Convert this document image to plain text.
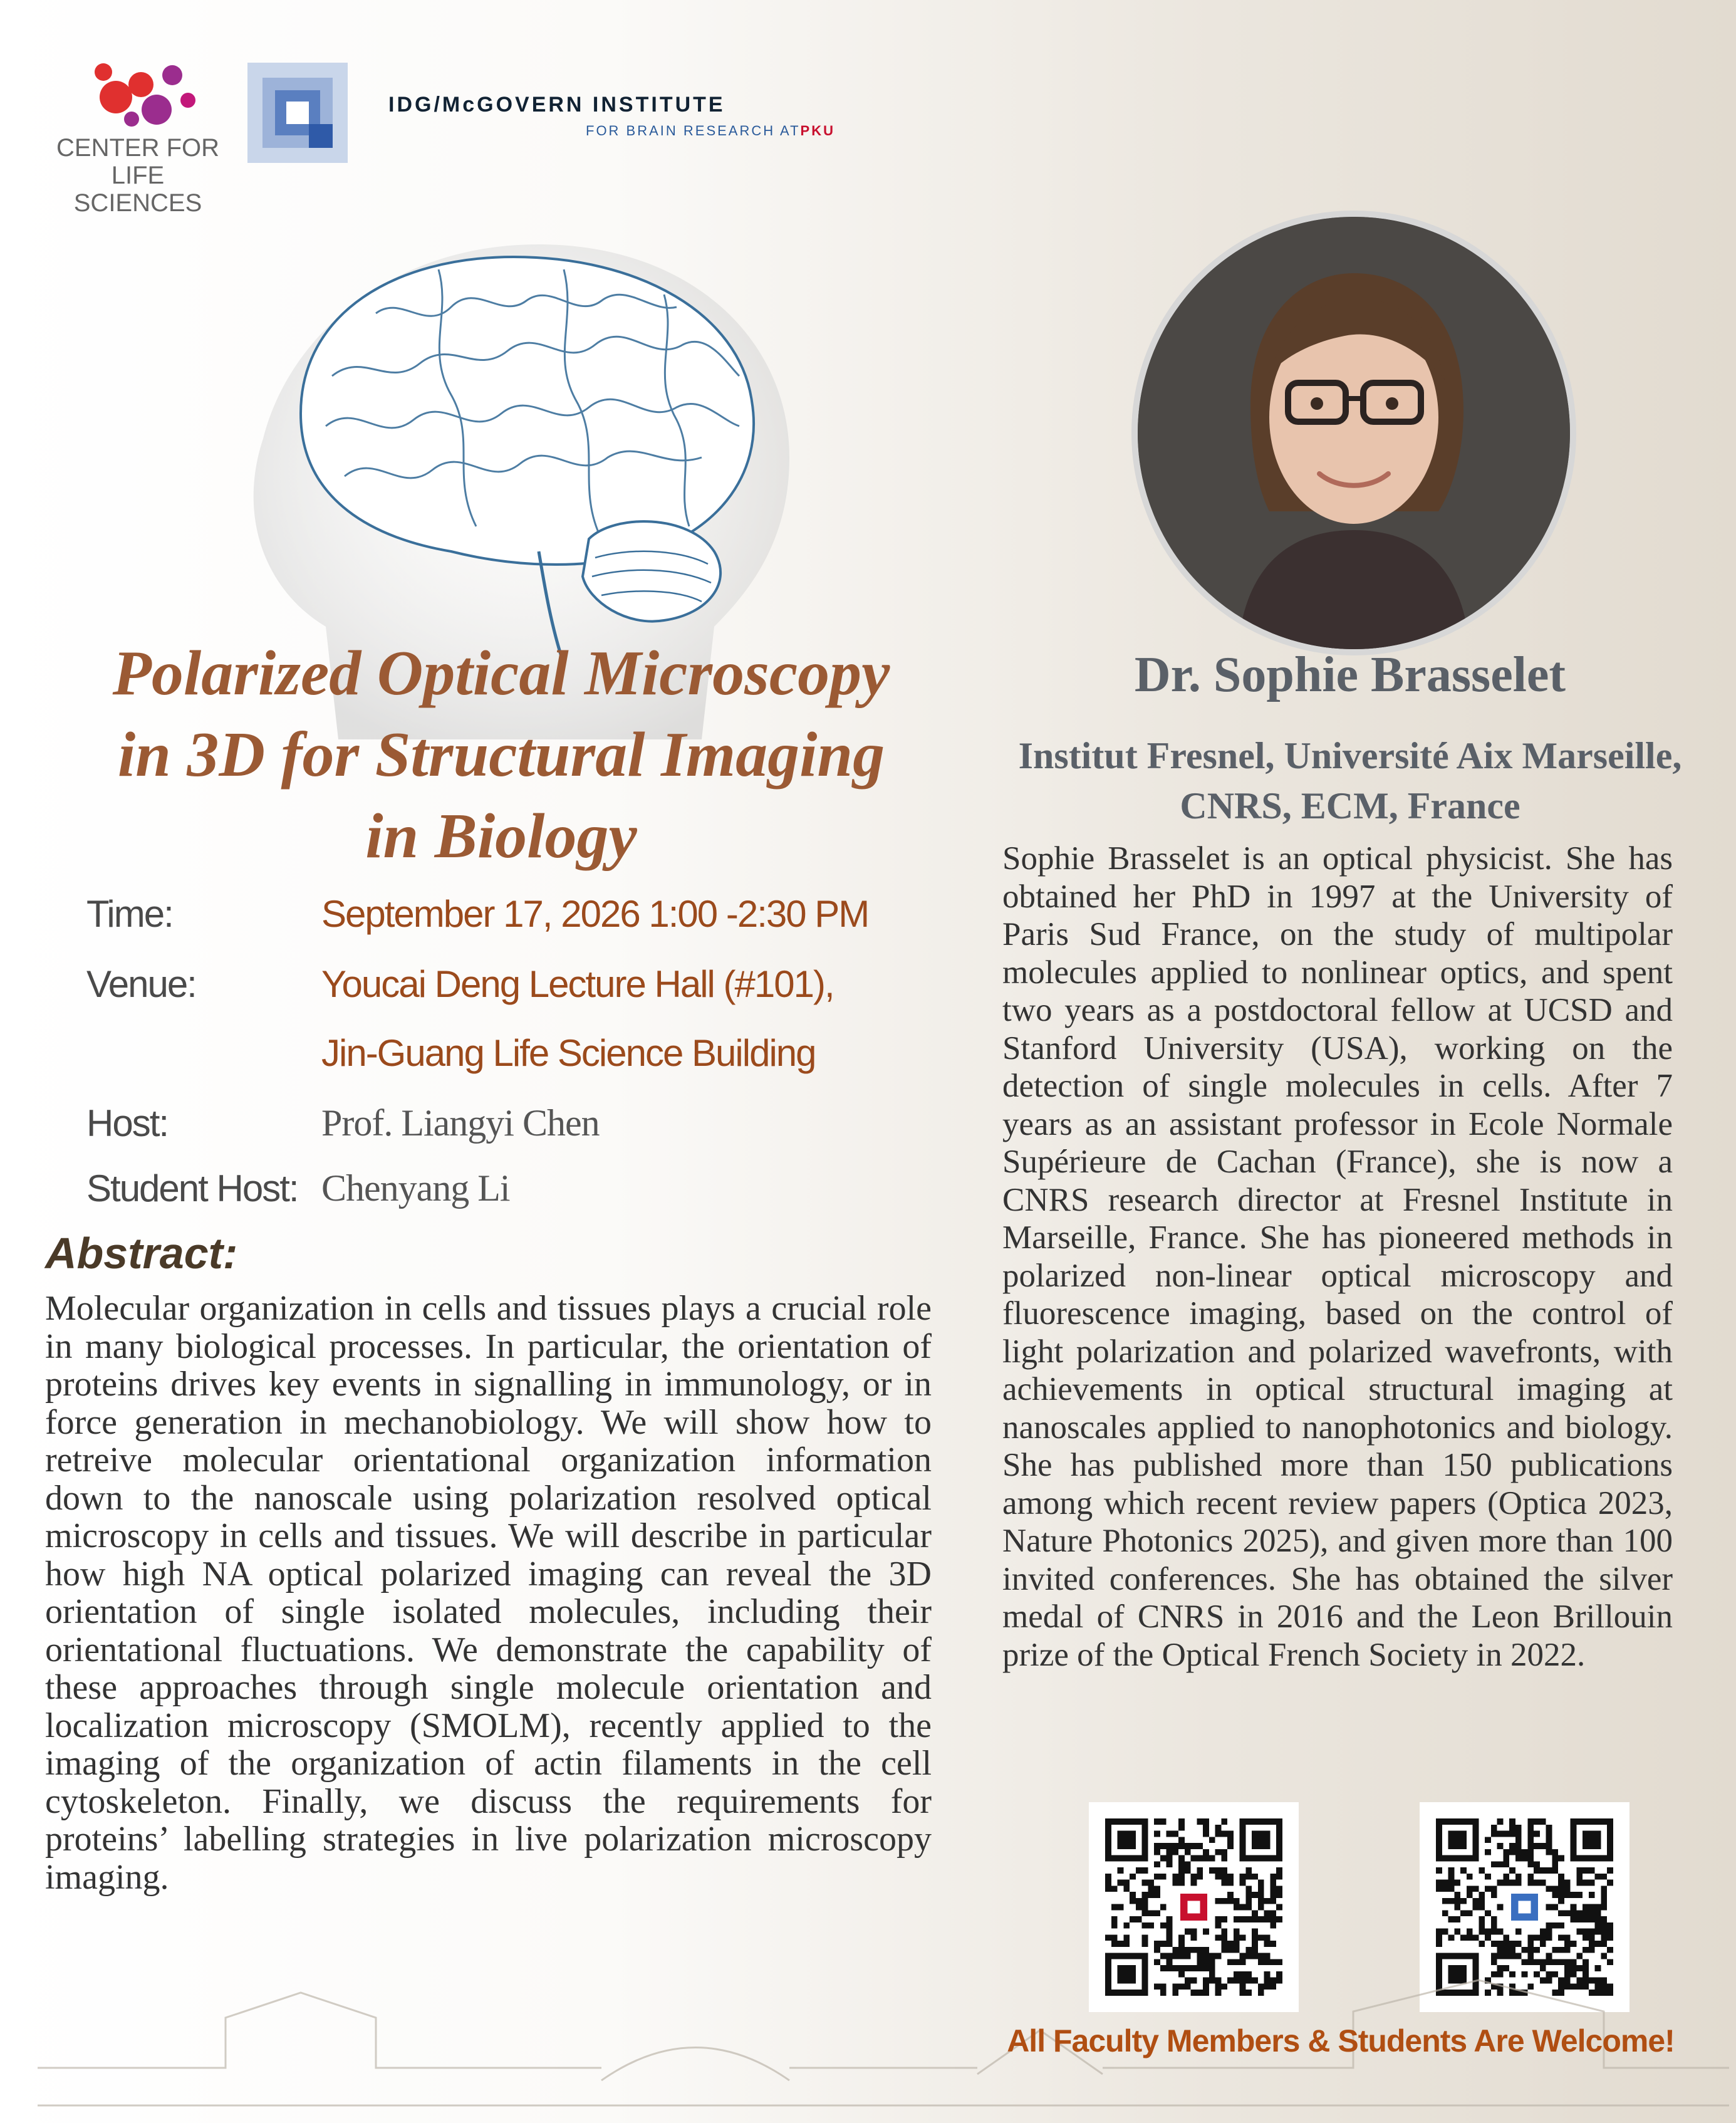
CENTER FOR
LIFE SCIENCES
IDG/McGOVERN INSTITUTE
FOR BRAIN RESEARCH ATPKU
Polarized Optical Microscopy
in 3D for Structural Imaging
in Biology
Time:	September 17, 2026 1:00 -2:30 PM
Venue:	Youcai Deng Lecture Hall (#101),
Jin-Guang Life Science Building
Host:	Prof. Liangyi Chen
Student Host: Chenyang Li
Abstract:
Molecular organization in cells and tissues plays a crucial role in many biological processes. In particular, the orientation of proteins drives key events in signalling in immunology, or in force generation in mechanobiology. We will show how to retreive molecular orientational organization information down to the nanoscale using polarization resolved optical microscopy in cells and tissues. We will describe in particular how high NA optical polarized imaging can reveal the 3D orientation of single isolated molecules, including their orientational fluctuations. We demonstrate the capability of these approaches through single molecule orientation and localization microscopy (SMOLM), recently applied to the imaging of the organization of actin filaments in the cell cytoskeleton. Finally, we discuss the requirements for proteins’ labelling strategies in live polarization microscopy imaging.
Dr. Sophie Brasselet
Institut Fresnel, Université Aix Marseille,
CNRS, ECM, France
Sophie Brasselet is an optical physicist. She has obtained her PhD in 1997 at the University of Paris Sud France, on the study of multipolar molecules applied to nonlinear optics, and spent two years as a postdoctoral fellow at UCSD and Stanford University (USA), working on the detection of single molecules in cells. After 7 years as an assistant professor in Ecole Normale Supérieure de Cachan (France), she is now a CNRS research director at Fresnel Institute in Marseille, France. She has pioneered methods in polarized non-linear optical microscopy and fluorescence imaging, based on the control of light polarization and polarized wavefronts, with achievements in optical structural imaging at nanoscales applied to nanophotonics and biology. She has published more than 150 publications among which recent review papers (Optica 2023, Nature Photonics 2025), and given more than 100 invited conferences. She has obtained the silver medal of CNRS in 2016 and the Leon Brillouin prize of the Optical French Society in 2022.
All Faculty Members & Students Are Welcome!
